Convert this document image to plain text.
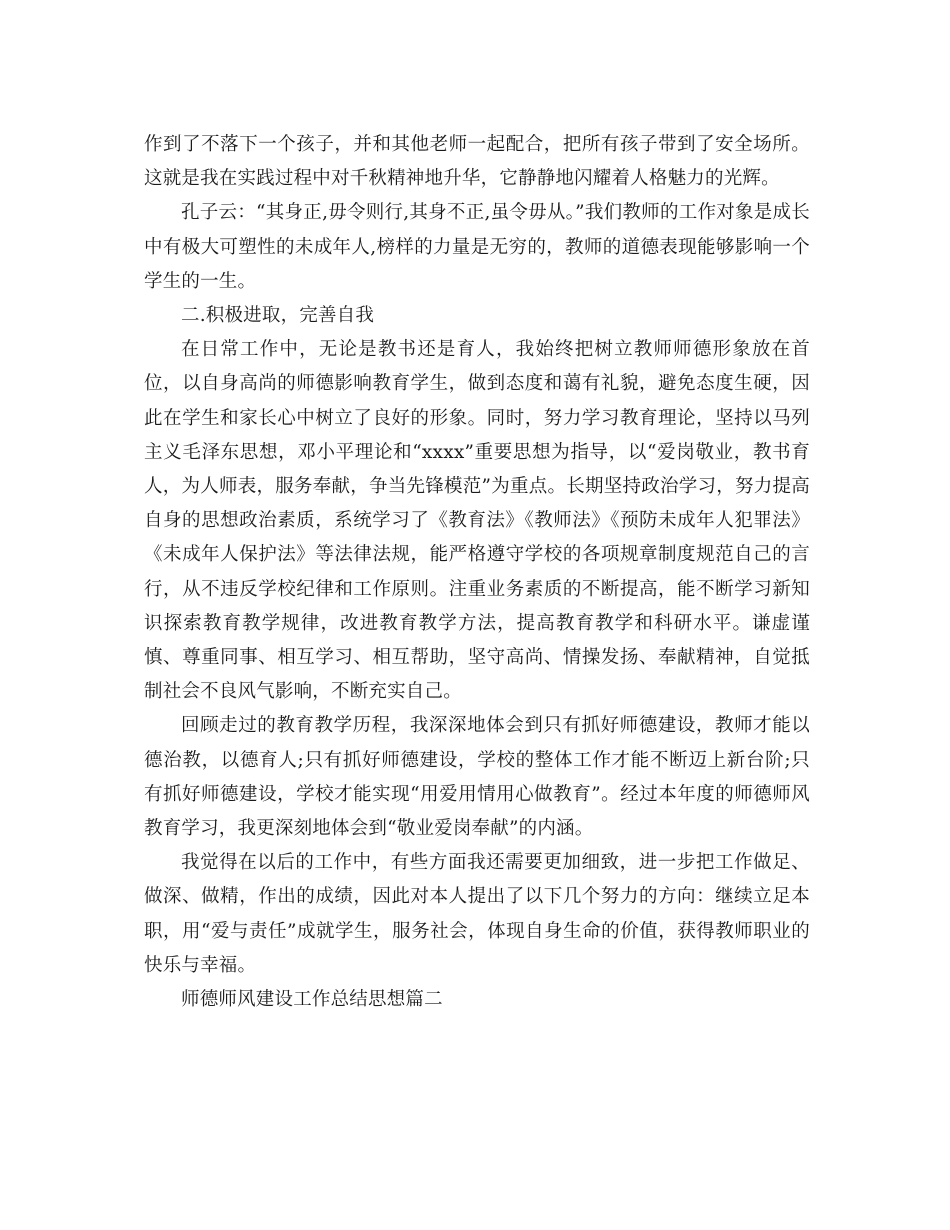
作到了不落下一个孩子，并和其他老师一起配合，把所有孩子带到了安全场所。这就是我在实践过程中对千秋精神地升华，它静静地闪耀着人格魅力的光辉。

孔子云：“其身正,毋令则行,其身不正,虽令毋从。”我们教师的工作对象是成长中有极大可塑性的未成年人,榜样的力量是无穷的，教师的道德表现能够影响一个学生的一生。

二.积极进取，完善自我

在日常工作中，无论是教书还是育人，我始终把树立教师师德形象放在首位，以自身高尚的师德影响教育学生，做到态度和蔼有礼貌，避免态度生硬，因此在学生和家长心中树立了良好的形象。同时，努力学习教育理论，坚持以马列主义毛泽东思想，邓小平理论和“xxxx”重要思想为指导，以“爱岗敬业，教书育人，为人师表，服务奉献，争当先锋模范”为重点。长期坚持政治学习，努力提高自身的思想政治素质，系统学习了《教育法》《教师法》《预防未成年人犯罪法》《未成年人保护法》等法律法规，能严格遵守学校的各项规章制度规范自己的言行，从不违反学校纪律和工作原则。注重业务素质的不断提高，能不断学习新知识探索教育教学规律，改进教育教学方法，提高教育教学和科研水平。谦虚谨慎、尊重同事、相互学习、相互帮助，坚守高尚、情操发扬、奉献精神，自觉抵制社会不良风气影响，不断充实自己。

回顾走过的教育教学历程，我深深地体会到只有抓好师德建设，教师才能以德治教，以德育人;只有抓好师德建设，学校的整体工作才能不断迈上新台阶;只有抓好师德建设，学校才能实现“用爱用情用心做教育”。经过本年度的师德师风教育学习，我更深刻地体会到“敬业爱岗奉献”的内涵。

我觉得在以后的工作中，有些方面我还需要更加细致，进一步把工作做足、做深、做精，作出的成绩，因此对本人提出了以下几个努力的方向：继续立足本职，用“爱与责任”成就学生，服务社会，体现自身生命的价值，获得教师职业的快乐与幸福。

师德师风建设工作总结思想篇二
